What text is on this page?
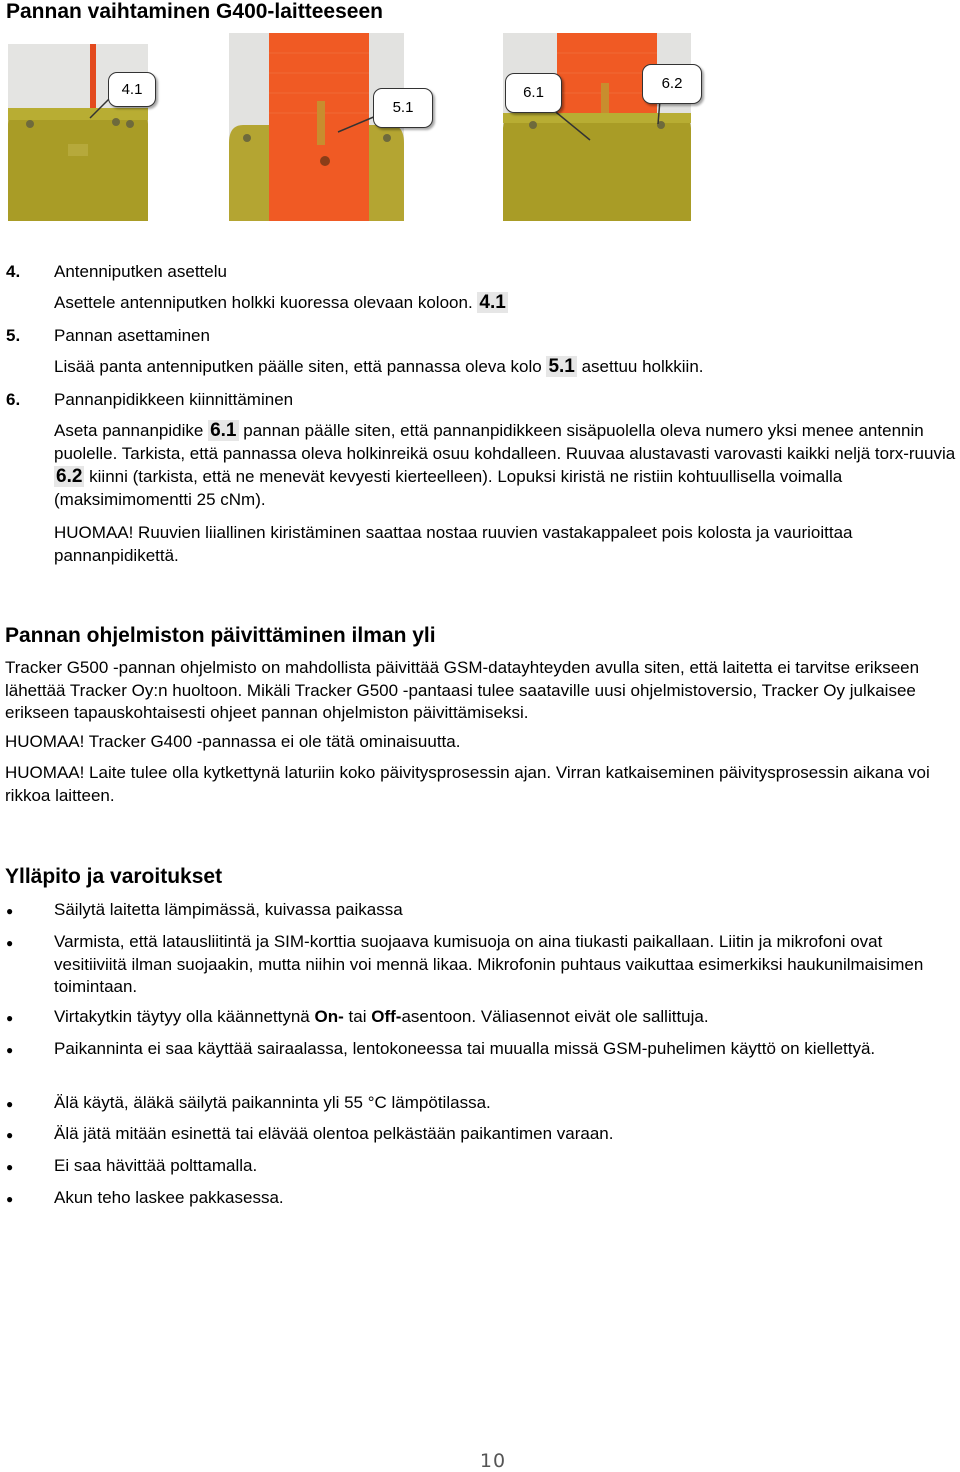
Pannan vaihtaminen G400-laitteeseen
4.1
5.1
6.1
6.2
4. Antenniputken asettelu
Asettele antenniputken holkki kuoressa olevaan koloon. 4.1
5. Pannan asettaminen
Lisää panta antenniputken päälle siten, että pannassa oleva kolo 5.1 asettuu holkkiin.
6. Pannanpidikkeen kiinnittäminen
Aseta pannanpidike 6.1 pannan päälle siten, että pannanpidikkeen sisäpuolella oleva numero yksi menee antennin puolelle. Tarkista, että pannassa oleva holkinreikä osuu kohdalleen. Ruuvaa alustavasti varovasti kaikki neljä torx-ruuvia 6.2 kiinni (tarkista, että ne menevät kevyesti kierteelleen). Lopuksi kiristä ne ristiin kohtuullisella voimalla (maksimimomentti 25 cNm).
HUOMAA! Ruuvien liiallinen kiristäminen saattaa nostaa ruuvien vastakappaleet pois kolosta ja vaurioittaa pannanpidikettä.
Pannan ohjelmiston päivittäminen ilman yli
Tracker G500 -pannan ohjelmisto on mahdollista päivittää GSM-datayhteyden avulla siten, että laitetta ei tarvitse erikseen lähettää Tracker Oy:n huoltoon. Mikäli Tracker G500 -pantaasi tulee saataville uusi ohjelmistoversio, Tracker Oy julkaisee erikseen tapauskohtaisesti ohjeet pannan ohjelmiston päivittämiseksi.
HUOMAA! Tracker G400 -pannassa ei ole tätä ominaisuutta.
HUOMAA! Laite tulee olla kytkettynä laturiin koko päivitysprosessin ajan. Virran katkaiseminen päivitysprosessin aikana voi rikkoa laitteen.
Ylläpito ja varoitukset
● Säilytä laitetta lämpimässä, kuivassa paikassa
● Varmista, että latausliitintä ja SIM-korttia suojaava kumisuoja on aina tiukasti paikallaan. Liitin ja mikrofoni ovat vesitiiviitä ilman suojaakin, mutta niihin voi mennä likaa. Mikrofonin puhtaus vaikuttaa esimerkiksi haukunilmaisimen toimintaan.
● Virtakytkin täytyy olla käännettynä On- tai Off-asentoon. Väliasennot eivät ole sallittuja.
● Paikanninta ei saa käyttää sairaalassa, lentokoneessa tai muualla missä GSM-puhelimen käyttö on kiellettyä.
● Älä käytä, äläkä säilytä paikanninta yli 55 °C lämpötilassa.
● Älä jätä mitään esinettä tai elävää olentoa pelkästään paikantimen varaan.
● Ei saa hävittää polttamalla.
● Akun teho laskee pakkasessa.
10
